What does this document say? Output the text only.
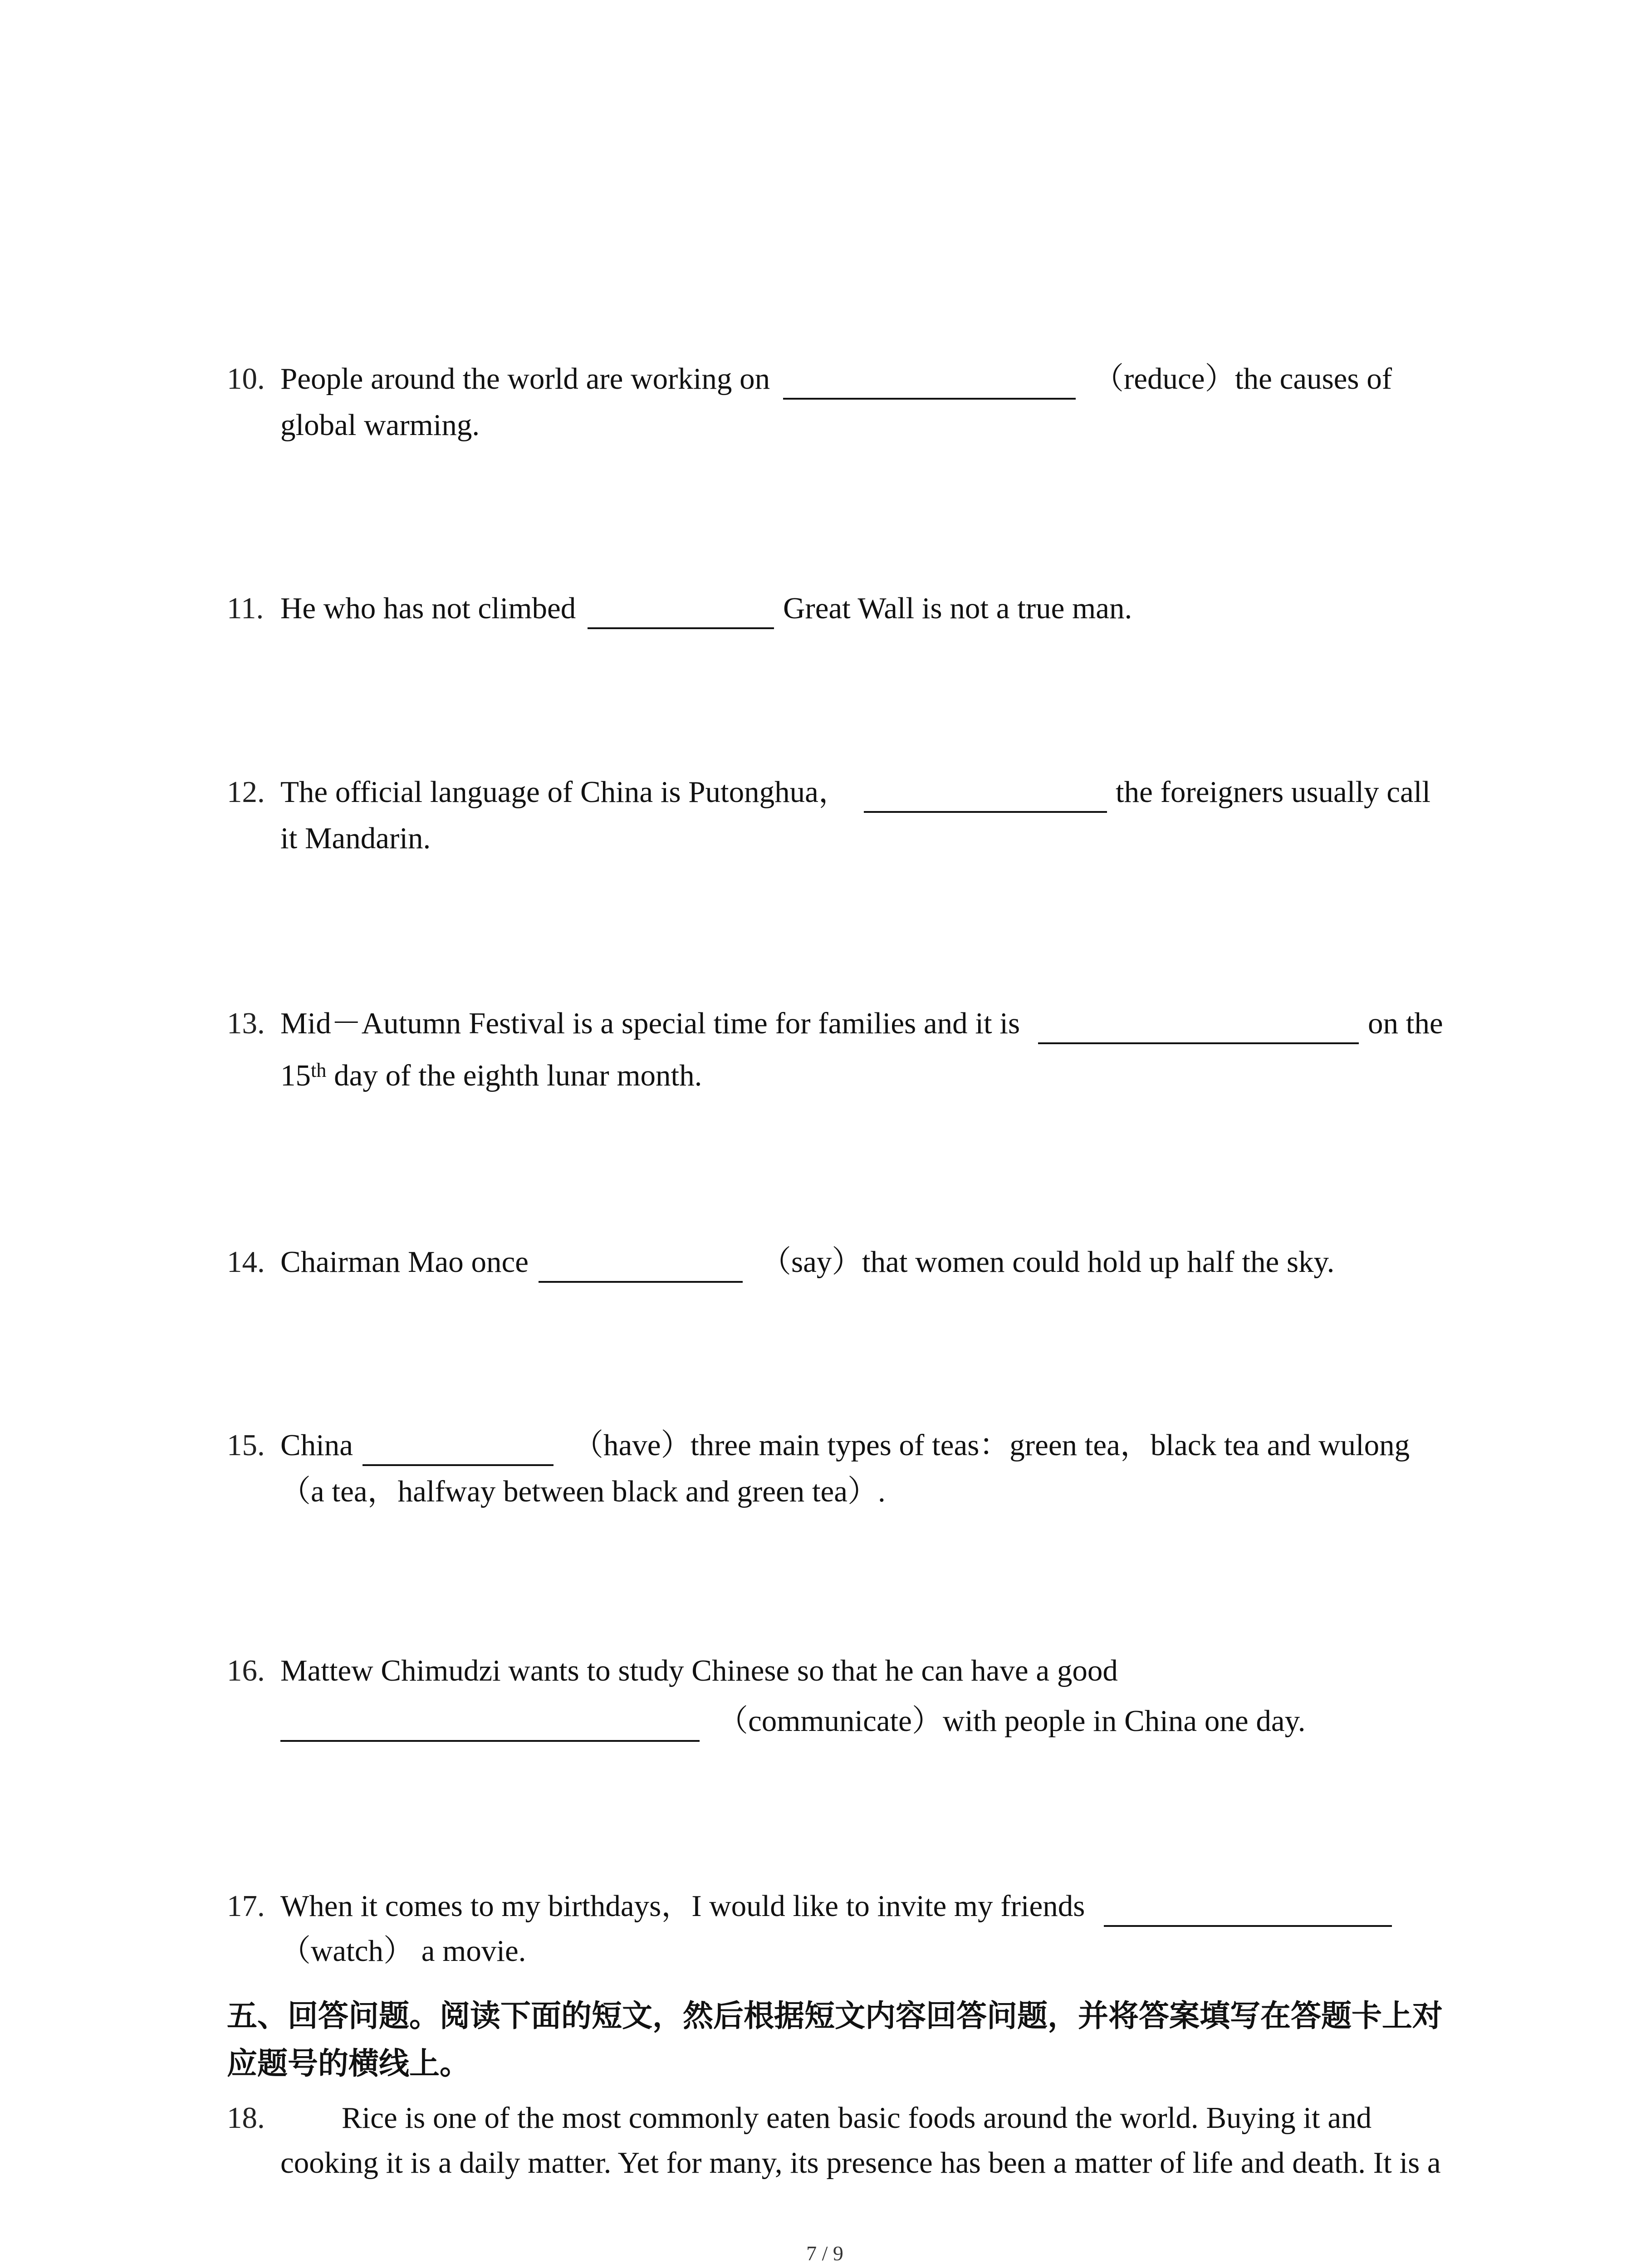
10. People around the world are working on	（reduce） the causes of
global warming.
11. He who has not climbed	Great Wall is not a true man.
12. The official language of China is Putonghua，	the foreigners usually call
it Mandarin.
13. Mid－Autumn Festival is a special time for families and it is	on the
15th day of the eighth lunar month.
14. Chairman Mao once	（say） that women could hold up half the sky.
15. China	（have）
three main types of teas：green tea，black tea and wulong
（a tea，halfway between black and green tea）.
16. Mattew Chimudzi wants to study Chinese so that he can have a good
（communicate） with people in China one day.
17. When it comes to my birthdays，I would like to invite my friends
（watch） a movie.
五、回答问题。阅读下面的短文，然后根据短文内容回答问题，并将答案填写在答题卡上对
应题号的横线上。
18.	Rice is one of the most commonly eaten basic foods around the world. Buying it and
cooking it is a daily matter. Yet for many, its presence has been a matter of life and death. It is a
7 / 9
